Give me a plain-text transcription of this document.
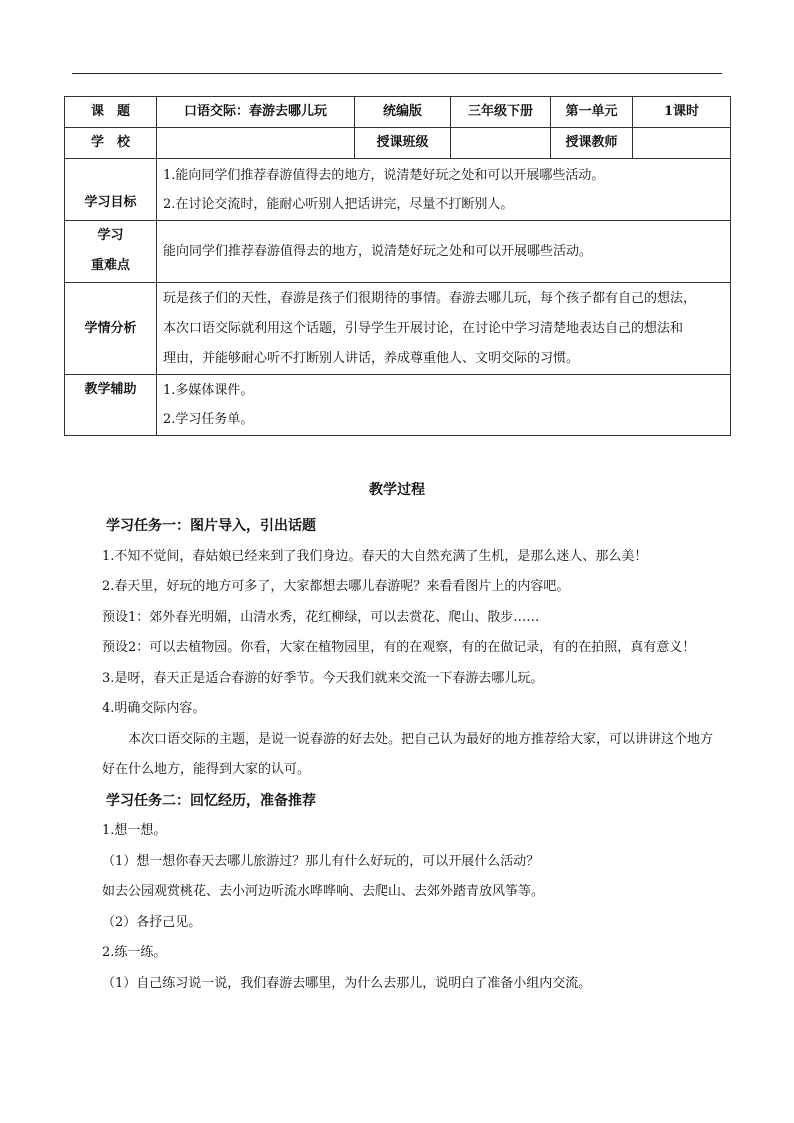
课　题	口语交际：春游去哪儿玩	统编版	三年级下册	第一单元	1课时
学　校		授课班级		授课教师	
学习目标	1.能向同学们推荐春游值得去的地方，说清楚好玩之处和可以开展哪些活动。
2.在讨论交流时，能耐心听别人把话讲完，尽量不打断别人。				

学习
重难点	能向同学们推荐春游值得去的地方，说清楚好玩之处和可以开展哪些活动。				

学情分析	玩是孩子们的天性，春游是孩子们很期待的事情。春游去哪儿玩，每个孩子都有自己的想法，
本次口语交际就利用这个话题，引导学生开展讨论，在讨论中学习清楚地表达自己的想法和
理由，并能够耐心听不打断别人讲话，养成尊重他人、文明交际的习惯。				

教学辅助	1.多媒体课件。
2.学习任务单。				
教学过程
学习任务一：图片导入，引出话题
1.不知不觉间，春姑娘已经来到了我们身边。春天的大自然充满了生机，是那么迷人、那么美！
2.春天里，好玩的地方可多了，大家都想去哪儿春游呢？来看看图片上的内容吧。
预设1：郊外春光明媚，山清水秀，花红柳绿，可以去赏花、爬山、散步……
预设2：可以去植物园。你看，大家在植物园里，有的在观察，有的在做记录，有的在拍照，真有意义！
3.是呀，春天正是适合春游的好季节。今天我们就来交流一下春游去哪儿玩。
4.明确交际内容。
本次口语交际的主题，是说一说春游的好去处。把自己认为最好的地方推荐给大家，可以讲讲这个地方好在什么地方，能得到大家的认可。
学习任务二：回忆经历，准备推荐
1.想一想。
（1）想一想你春天去哪儿旅游过？那儿有什么好玩的，可以开展什么活动？
如去公园观赏桃花、去小河边听流水哗哗响、去爬山、去郊外踏青放风筝等。
（2）各抒己见。
2.练一练。
（1）自己练习说一说，我们春游去哪里，为什么去那儿，说明白了准备小组内交流。
